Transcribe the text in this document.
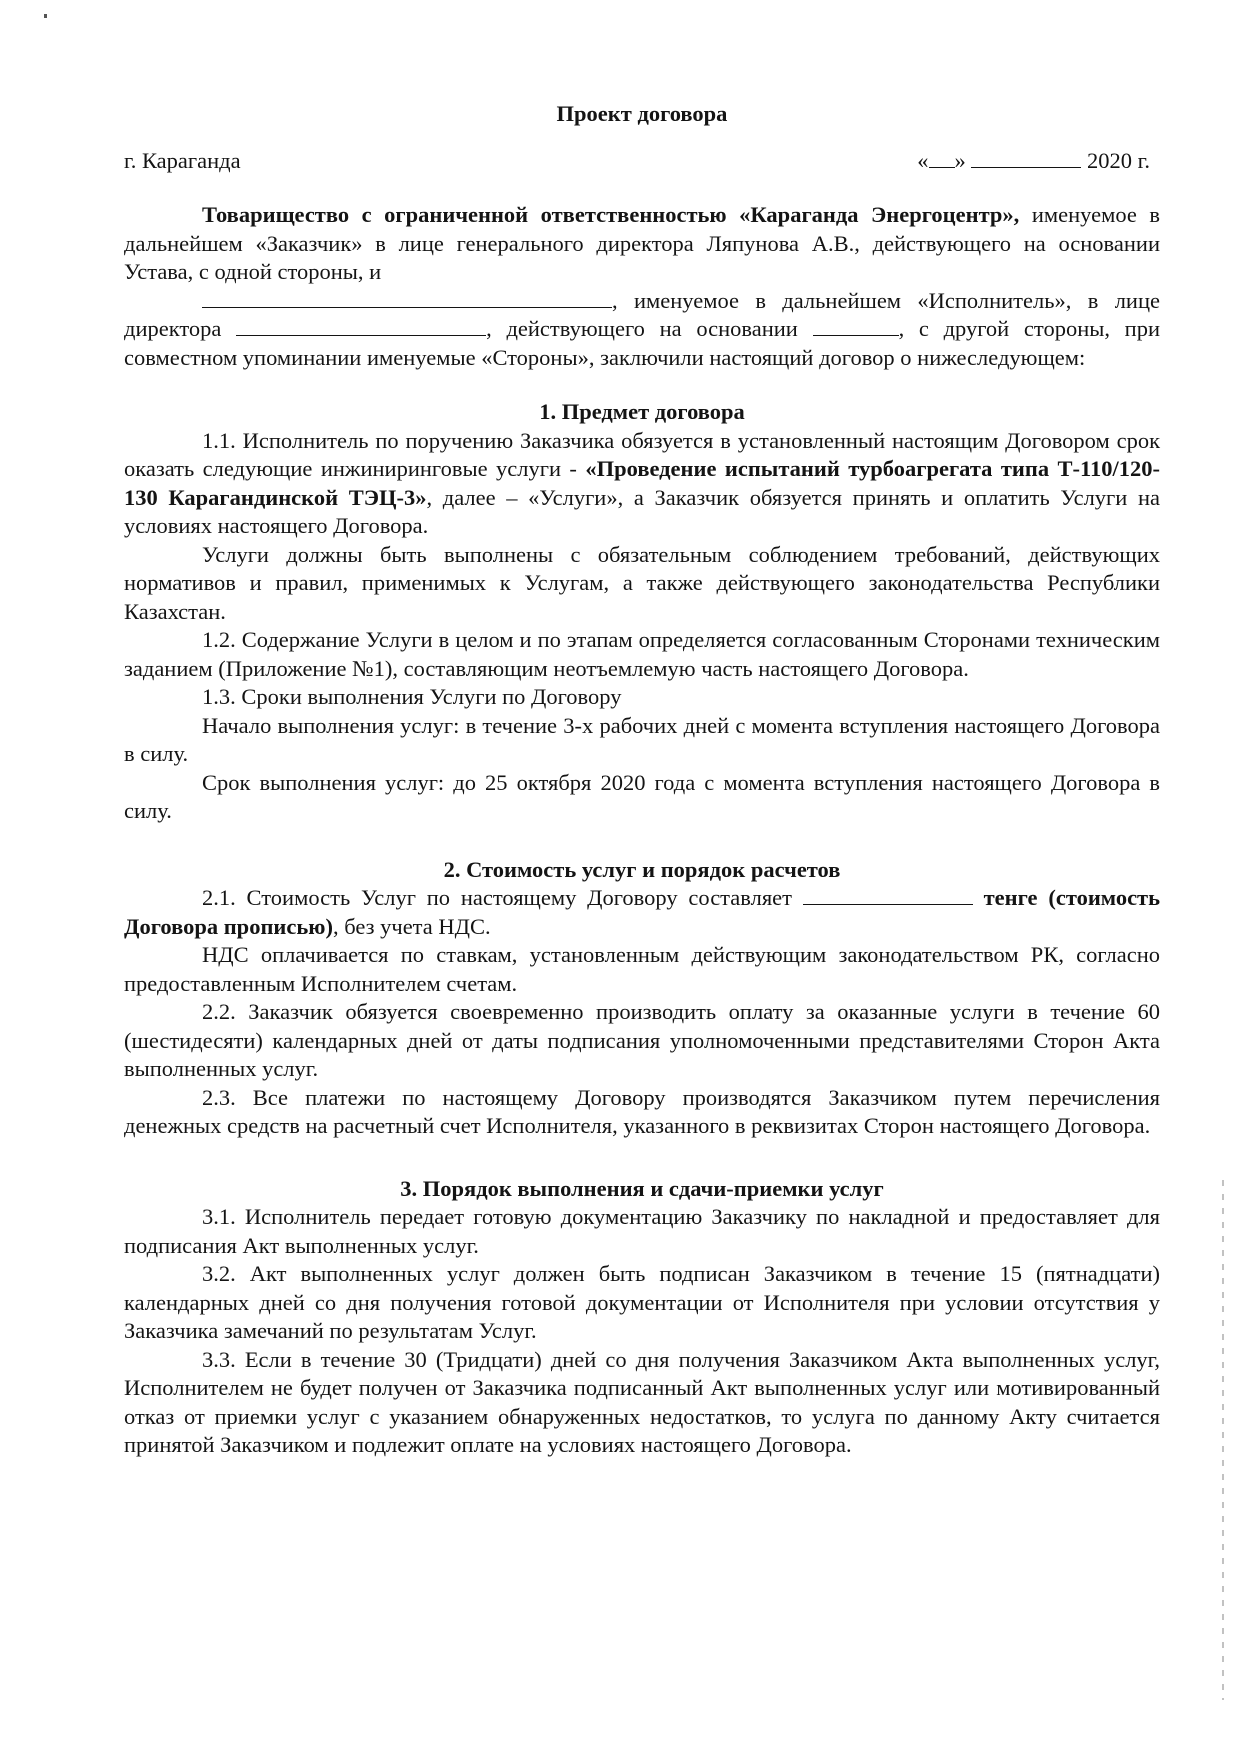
Проект договора
г. Караганда	« »	2020 г.

Товарищество с ограниченной ответственностью «Караганда Энергоцентр», именуемое в дальнейшем «Заказчик» в лице генерального директора Ляпунова А.В., действующего на основании Устава, с одной стороны, и

, именуемое в дальнейшем «Исполнитель», в лице директора	, действующего на основании	, с другой стороны, при совместном упоминании именуемые «Стороны», заключили настоящий договор о нижеследующем:

1. Предмет договора

1.1. Исполнитель по поручению Заказчика обязуется в установленный настоящим Договором срок оказать следующие инжиниринговые услуги - «Проведение испытаний турбоагрегата типа Т-110/120-130 Карагандинской ТЭЦ-3», далее – «Услуги», а Заказчик обязуется принять и оплатить Услуги на условиях настоящего Договора.

Услуги должны быть выполнены с обязательным соблюдением требований, действующих нормативов и правил, применимых к Услугам, а также действующего законодательства Республики Казахстан.

1.2. Содержание Услуги в целом и по этапам определяется согласованным Сторонами техническим заданием (Приложение №1), составляющим неотъемлемую часть настоящего Договора.

1.3. Сроки выполнения Услуги по Договору

Начало выполнения услуг: в течение 3-х рабочих дней с момента вступления настоящего Договора в силу.

Срок выполнения услуг: до 25 октября 2020 года с момента вступления настоящего Договора в силу.

2. Стоимость услуг и порядок расчетов

2.1. Стоимость Услуг по настоящему Договору составляет	тенге (стоимость Договора прописью), без учета НДС.

НДС оплачивается по ставкам, установленным действующим законодательством РК, согласно предоставленным Исполнителем счетам.

2.2. Заказчик обязуется своевременно производить оплату за оказанные услуги в течение 60 (шестидесяти) календарных дней от даты подписания уполномоченными представителями Сторон Акта выполненных услуг.

2.3. Все платежи по настоящему Договору производятся Заказчиком путем перечисления денежных средств на расчетный счет Исполнителя, указанного в реквизитах Сторон настоящего Договора.

3. Порядок выполнения и сдачи-приемки услуг

3.1. Исполнитель передает готовую документацию Заказчику по накладной и предоставляет для подписания Акт выполненных услуг.

3.2. Акт выполненных услуг должен быть подписан Заказчиком в течение 15 (пятнадцати) календарных дней со дня получения готовой документации от Исполнителя при условии отсутствия у Заказчика замечаний по результатам Услуг.

3.3. Если в течение 30 (Тридцати) дней со дня получения Заказчиком Акта выполненных услуг, Исполнителем не будет получен от Заказчика подписанный Акт выполненных услуг или мотивированный отказ от приемки услуг с указанием обнаруженных недостатков, то услуга по данному Акту считается принятой Заказчиком и подлежит оплате на условиях настоящего Договора.
